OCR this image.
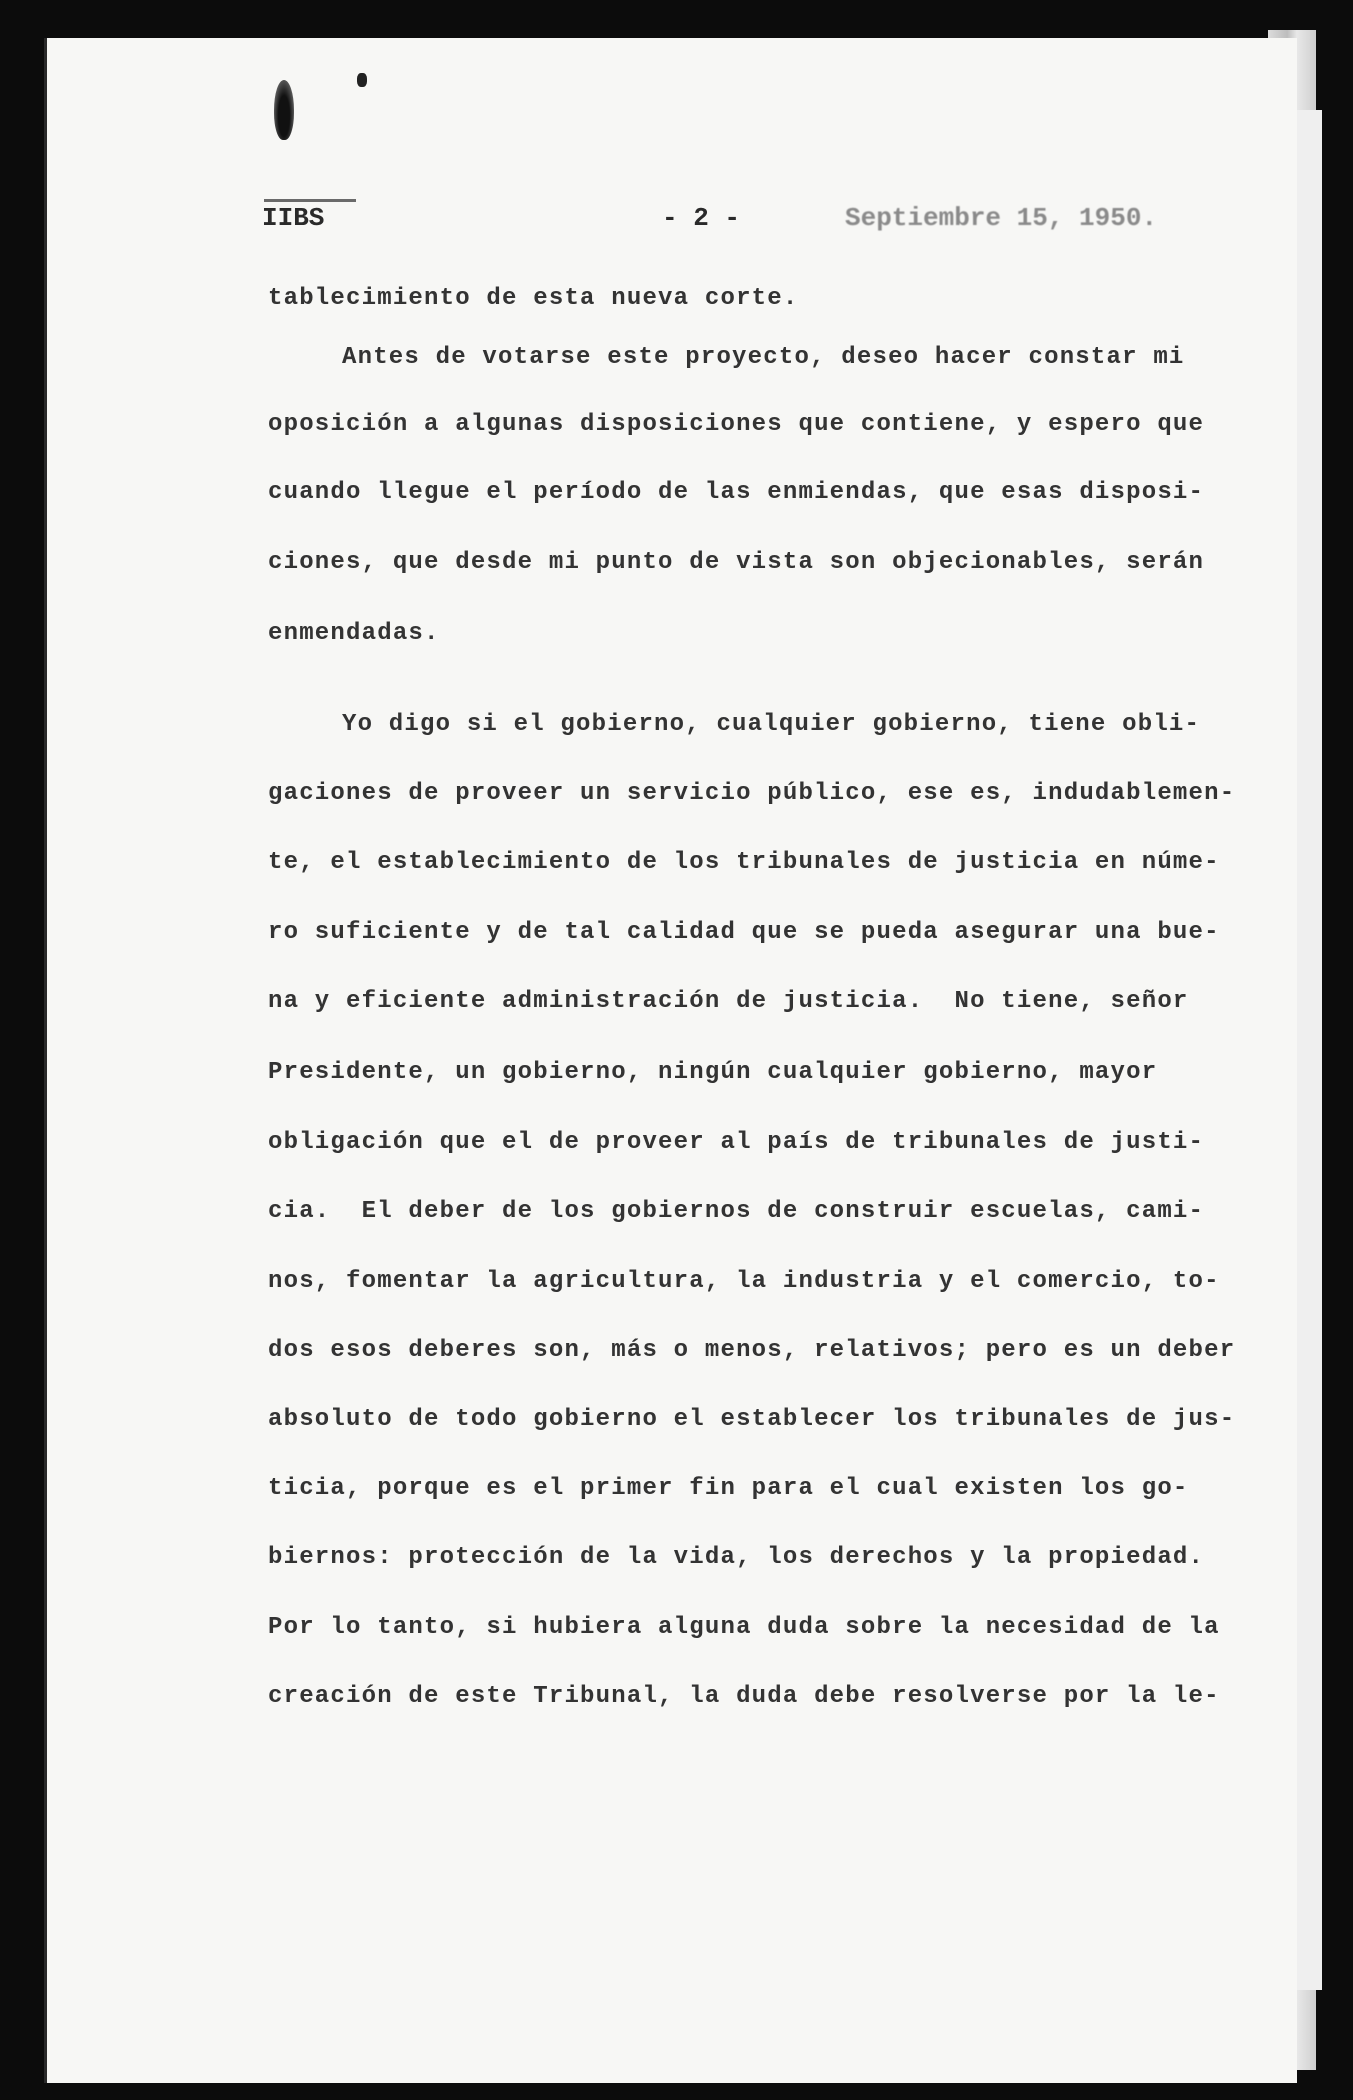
IIBS	- 2 -	Septiembre 15, 1950.
tablecimiento de esta nueva corte.
Antes de votarse este proyecto, deseo hacer constar mi
oposición a algunas disposiciones que contiene, y espero que
cuando llegue el período de las enmiendas, que esas disposi-
ciones, que desde mi punto de vista son objecionables, serán
enmendadas.
Yo digo si el gobierno, cualquier gobierno, tiene obli-
gaciones de proveer un servicio público, ese es, indudablemen-
te, el establecimiento de los tribunales de justicia en núme-
ro suficiente y de tal calidad que se pueda asegurar una bue-
na y eficiente administración de justicia.  No tiene, señor
Presidente, un gobierno, ningún cualquier gobierno, mayor
obligación que el de proveer al país de tribunales de justi-
cia.  El deber de los gobiernos de construir escuelas, cami-
nos, fomentar la agricultura, la industria y el comercio, to-
dos esos deberes son, más o menos, relativos; pero es un deber
absoluto de todo gobierno el establecer los tribunales de jus-
ticia, porque es el primer fin para el cual existen los go-
biernos: protección de la vida, los derechos y la propiedad.
Por lo tanto, si hubiera alguna duda sobre la necesidad de la
creación de este Tribunal, la duda debe resolverse por la le-
